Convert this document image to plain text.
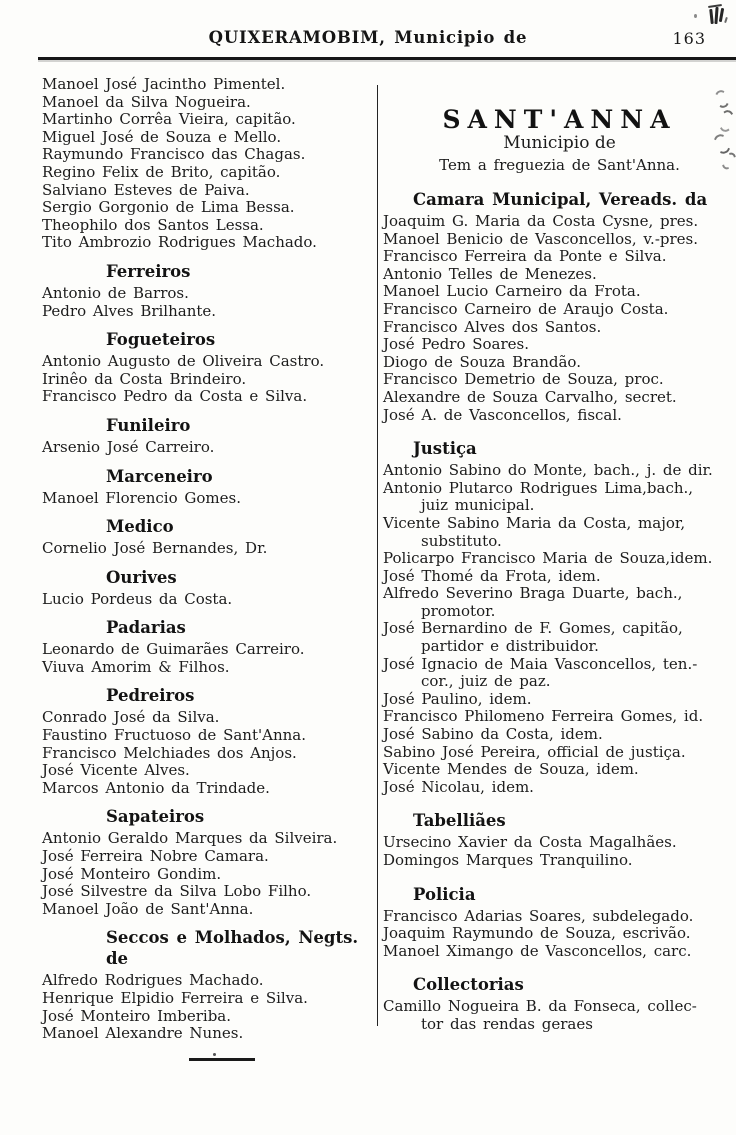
QUIXERAMOBIM, Municipio de	163
Manoel José Jacintho Pimentel.
Manoel da Silva Nogueira.
Martinho Corrêa Vieira, capitão.
Miguel José de Souza e Mello.
Raymundo Francisco das Chagas.
Regino Felix de Brito, capitão.
Salviano Esteves de Paiva.
Sergio Gorgonio de Lima Bessa.
Theophilo dos Santos Lessa.
Tito Ambrozio Rodrigues Machado.
Ferreiros
Antonio de Barros.
Pedro Alves Brilhante.
Fogueteiros
Antonio Augusto de Oliveira Castro.
Irinêo da Costa Brindeiro.
Francisco Pedro da Costa e Silva.
Funileiro
Arsenio José Carreiro.
Marceneiro
Manoel Florencio Gomes.
Medico
Cornelio José Bernandes, Dr.
Ourives
Lucio Pordeus da Costa.
Padarias
Leonardo de Guimarães Carreiro.
Viuva Amorim & Filhos.
Pedreiros
Conrado José da Silva.
Faustino Fructuoso de Sant'Anna.
Francisco Melchiades dos Anjos.
José Vicente Alves.
Marcos Antonio da Trindade.
Sapateiros
Antonio Geraldo Marques da Silveira.
José Ferreira Nobre Camara.
José Monteiro Gondim.
José Silvestre da Silva Lobo Filho.
Manoel João de Sant'Anna.
Seccos e Molhados, Negts. de
Alfredo Rodrigues Machado.
Henrique Elpidio Ferreira e Silva.
José Monteiro Imberiba.
Manoel Alexandre Nunes.
SANT'ANNA
Municipio de
Tem a freguezia de Sant'Anna.
Camara Municipal, Vereads. da
Joaquim G. Maria da Costa Cysne, pres.
Manoel Benicio de Vasconcellos, v.-pres.
Francisco Ferreira da Ponte e Silva.
Antonio Telles de Menezes.
Manoel Lucio Carneiro da Frota.
Francisco Carneiro de Araujo Costa.
Francisco Alves dos Santos.
José Pedro Soares.
Diogo de Souza Brandão.
Francisco Demetrio de Souza, proc.
Alexandre de Souza Carvalho, secret.
José A. de Vasconcellos, fiscal.
Justiça
Antonio Sabino do Monte, bach., j. de dir.
Antonio Plutarco Rodrigues Lima,bach.,
juiz municipal.
Vicente Sabino Maria da Costa, major,
substituto.
Policarpo Francisco Maria de Souza,idem.
José Thomé da Frota, idem.
Alfredo Severino Braga Duarte, bach.,
promotor.
José Bernardino de F. Gomes, capitão,
partidor e distribuidor.
José Ignacio de Maia Vasconcellos, ten.-
cor., juiz de paz.
José Paulino, idem.
Francisco Philomeno Ferreira Gomes, id.
José Sabino da Costa, idem.
Sabino José Pereira, official de justiça.
Vicente Mendes de Souza, idem.
José Nicolau, idem.
Tabelliães
Ursecino Xavier da Costa Magalhães.
Domingos Marques Tranquilino.
Policia
Francisco Adarias Soares, subdelegado.
Joaquim Raymundo de Souza, escrivão.
Manoel Ximango de Vasconcellos, carc.
Collectorias
Camillo Nogueira B. da Fonseca, collec-
tor das rendas geraes
